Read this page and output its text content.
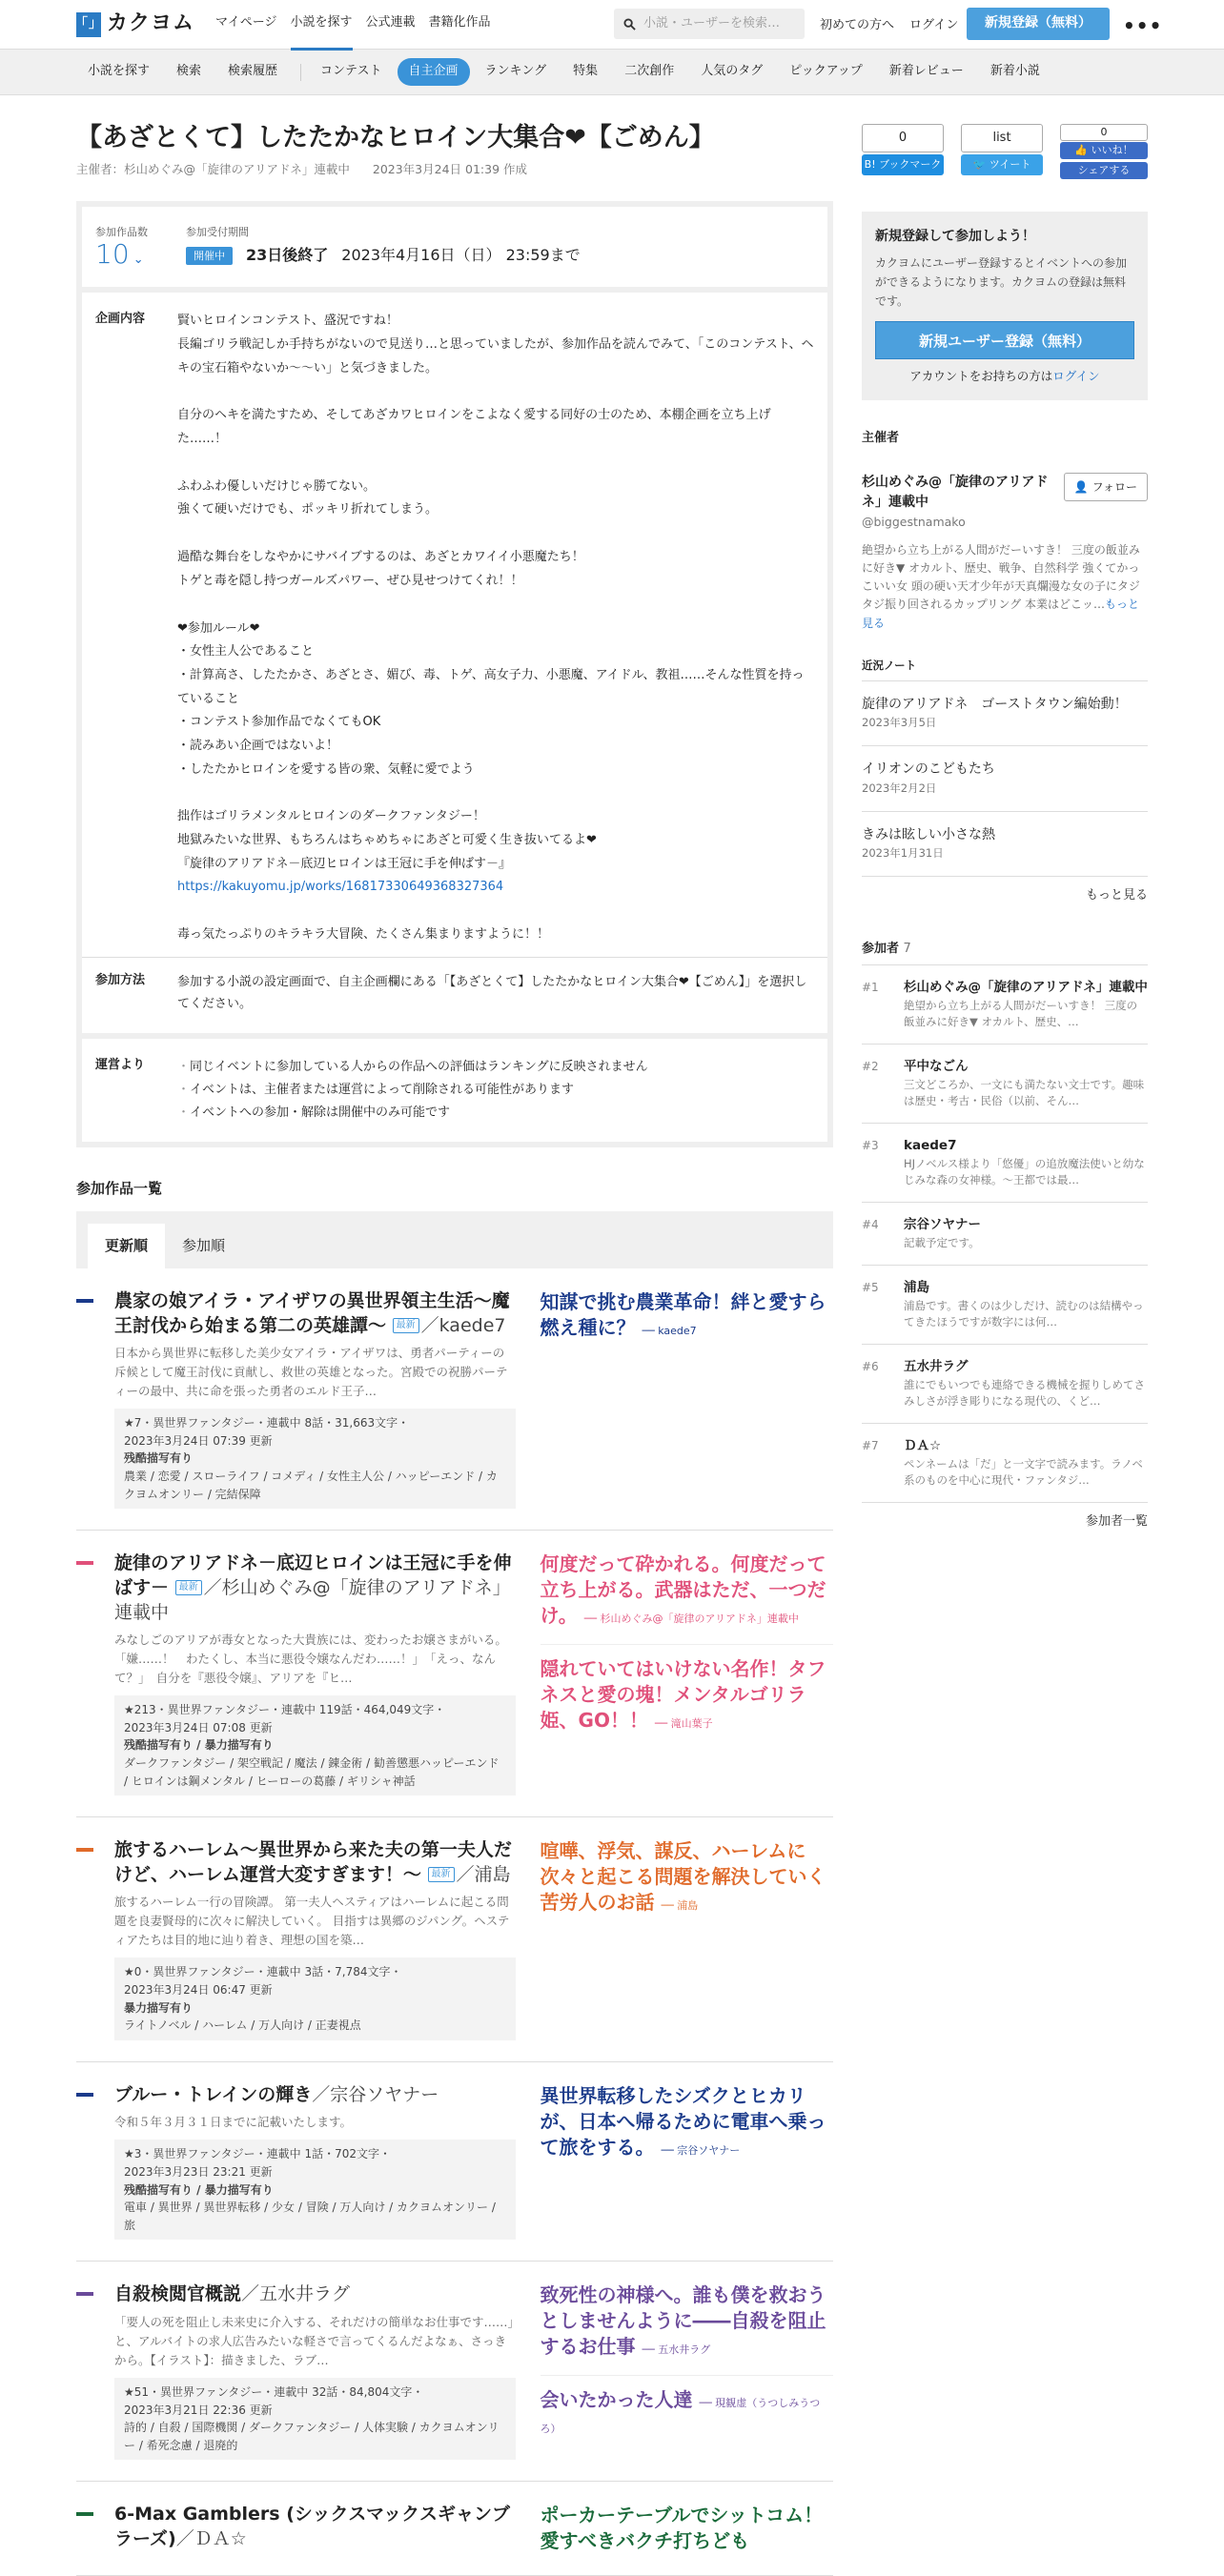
「」 カクヨム マイページ 小説を探す 公式連載 書籍化作品	小説・ユーザーを検索…	初めての方へ ログイン	新規登録（無料）	•••
小説を探す	検索	検索履歴	コンテスト	自主企画	ランキング	特集	二次創作	人気のタグ	ピックアップ	新着レビュー	新着小説
【あざとくて】したたかなヒロイン大集合❤【ごめん】
主催者：杉山めぐみ@「旋律のアリアドネ」連載中 2023年3月24日 01:39 作成
参加作品数
10 ⌄
参加受付期間
開催中 23日後終了 2023年4月16日（日） 23:59まで
企画内容	賢いヒロインコンテスト、盛況ですね！
長編ゴリラ戦記しか手持ちがないので見送り…と思っていましたが、参加作品を読んでみて、「このコンテスト、ヘキの宝石箱やないか〜〜い」と気づきました。

自分のヘキを満たすため、そしてあざカワヒロインをこよなく愛する同好の士のため、本棚企画を立ち上げた……！

ふわふわ優しいだけじゃ勝てない。
強くて硬いだけでも、ポッキリ折れてしまう。

過酷な舞台をしなやかにサバイブするのは、あざとカワイイ小悪魔たち！
トゲと毒を隠し持つガールズパワー、ぜひ見せつけてくれ！！

❤参加ルール❤
・女性主人公であること
・計算高さ、したたかさ、あざとさ、媚び、毒、トゲ、高女子力、小悪魔、アイドル、教祖……そんな性質を持っていること
・コンテスト参加作品でなくてもOK
・読みあい企画ではないよ！
・したたかヒロインを愛する皆の衆、気軽に愛でよう

拙作はゴリラメンタルヒロインのダークファンタジー！
地獄みたいな世界、もちろんはちゃめちゃにあざと可愛く生き抜いてるよ❤
『旋律のアリアドネ－底辺ヒロインは王冠に手を伸ばす－』
https://kakuyomu.jp/works/16817330649368327364

毒っ気たっぷりのキラキラ大冒険、たくさん集まりますように！！

参加方法	参加する小説の設定画面で、自主企画欄にある「【あざとくて】したたかなヒロイン大集合❤【ごめん】」を選択してください。
運営より
・	同じイベントに参加している人からの作品への評価はランキングに反映されません
・ イベントは、主催者または運営によって削除される可能性があります
・ イベントへの参加・解除は開催中のみ可能です
参加作品一覧
更新順	参加順
農家の娘アイラ・アイザワの異世界領主生活〜魔王討伐から始まる第二の英雄譚〜 最新 ／kaede7
日本から異世界に転移した美少女アイラ・アイザワは、勇者パーティーの斥候として魔王討伐に貢献し、救世の英雄となった。宮殿での祝勝パーティーの最中、共に命を張った勇者のエルド王子…
★7・異世界ファンタジー・連載中 8話・31,663文字・
2023年3月24日 07:39 更新
残酷描写有り
農業 / 恋愛 / スローライフ / コメディ / 女性主人公 / ハッピーエンド / カクヨムオンリー / 完結保障
知謀で挑む農業革命！絆と愛すら燃え種に？ ── kaede7
旋律のアリアドネ－底辺ヒロインは王冠に手を伸ばす－ 最新 ／杉山めぐみ@「旋律のアリアドネ」連載中
みなしごのアリアが毒女となった大貴族には、変わったお嬢さまがいる。「嫌……！　わたくし、本当に悪役令嬢なんだわ……！」　「えっ、なんて？」　自分を『悪役令嬢』、アリアを『ヒ…
★213・異世界ファンタジー・連載中 119話・464,049文字・
2023年3月24日 07:08 更新
残酷描写有り / 暴力描写有り
ダークファンタジー / 架空戦記 / 魔法 / 錬金術 / 勧善懲悪ハッピーエンド / ヒロインは鋼メンタル / ヒーローの葛藤 / ギリシャ神話
何度だって砕かれる。何度だって立ち上がる。武器はただ、一つだけ。 ── 杉山めぐみ@「旋律のアリアドネ」連載中
隠れていてはいけない名作！タフネスと愛の塊！メンタルゴリラ姫、GO！！ ── 滝山葉子
旅するハーレム〜異世界から来た夫の第一夫人だけど、ハーレム運営大変すぎます！〜 最新 ／浦島
旅するハーレム一行の冒険譚。 第一夫人ヘスティアはハーレムに起こる問題を良妻賢母的に次々に解決していく。 目指すは異郷のジパング。ヘスティアたちは目的地に辿り着き、理想の国を築…
★0・異世界ファンタジー・連載中 3話・7,784文字・
2023年3月24日 06:47 更新
暴力描写有り
ライトノベル / ハーレム / 万人向け / 正妻視点
喧嘩、浮気、謀反、ハーレムに次々と起こる問題を解決していく苦労人のお話 ── 浦島
ブルー・トレインの輝き／宗谷ソヤナー
令和５年３月３１日までに記載いたします。
★3・異世界ファンタジー・連載中 1話・702文字・
2023年3月23日 23:21 更新
残酷描写有り / 暴力描写有り
電車 / 異世界 / 異世界転移 / 少女 / 冒険 / 万人向け / カクヨムオンリー / 旅
異世界転移したシズクとヒカリが、日本へ帰るために電車へ乗って旅をする。 ── 宗谷ソヤナー
自殺検閲官概説／五水井ラグ
「要人の死を阻止し未来史に介入する、それだけの簡単なお仕事です……」と、アルバイトの求人広告みたいな軽さで言ってくるんだよなぁ、さっきから。【イラスト】：描きました、ラブ…
★51・異世界ファンタジー・連載中 32話・84,804文字・
2023年3月21日 22:36 更新
詩的 / 自殺 / 国際機関 / ダークファンタジー / 人体実験 / カクヨムオンリー / 希死念慮 / 退廃的
致死性の神様へ。誰も僕を救おうとしませんように――自殺を阻止するお仕事 ── 五水井ラグ
会いたかった人達 ── 現観虚（うつしみうつろ）
6-Max Gamblers (シックスマックスギャンブラーズ)／ＤＡ☆
ポーカーテーブルでシットコム！　愛すべきバクチ打ちども
0
B! ブックマーク
list
🐦 ツイート
0
👍 いいね！
シェアする
新規登録して参加しよう！

カクヨムにユーザー登録するとイベントへの参加ができるようになります。カクヨムの登録は無料です。

新規ユーザー登録（無料）
アカウントをお持ちの方はログイン
主催者
杉山めぐみ@「旋律のアリアドネ」連載中
@biggestnamako
👤 フォロー
絶望から立ち上がる人間がだーいすき！ 三度の飯並みに好き▼ オカルト、歴史、戦争、自然科学 強くてかっこいい女 頭の硬い天才少年が天真爛漫な女の子にタジタジ振り回されるカップリング 本業はどこッ…もっと見る
近況ノート
旋律のアリアドネ　ゴーストタウン編始動！
2023年3月5日
イリオンのこどもたち
2023年2月2日
きみは眩しい小さな熱
2023年1月31日
もっと見る
参加者 7
#1	杉山めぐみ@「旋律のアリアドネ」連載中
絶望から立ち上がる人間がだーいすき！ 三度の飯並みに好き▼ オカルト、歴史、…
#2	平中なごん
三文どころか、一文にも満たない文士です。趣味は歴史・考古・民俗（以前、そん…
#3	kaede7
HJノベルス様より「悠優」の追放魔法使いと幼なじみな森の女神様。〜王都では最…
#4	宗谷ソヤナー
記載予定です。
#5	浦島
浦島です。書くのは少しだけ、読むのは結構やってきたほうですが数字には何…
#6	五水井ラグ
誰にでもいつでも連絡できる機械を握りしめてさみしさが浮き彫りになる現代の、くど…
#7	ＤＡ☆
ペンネームは「だ」と一文字で読みます。ラノベ系のものを中心に現代・ファンタジ…
参加者一覧
